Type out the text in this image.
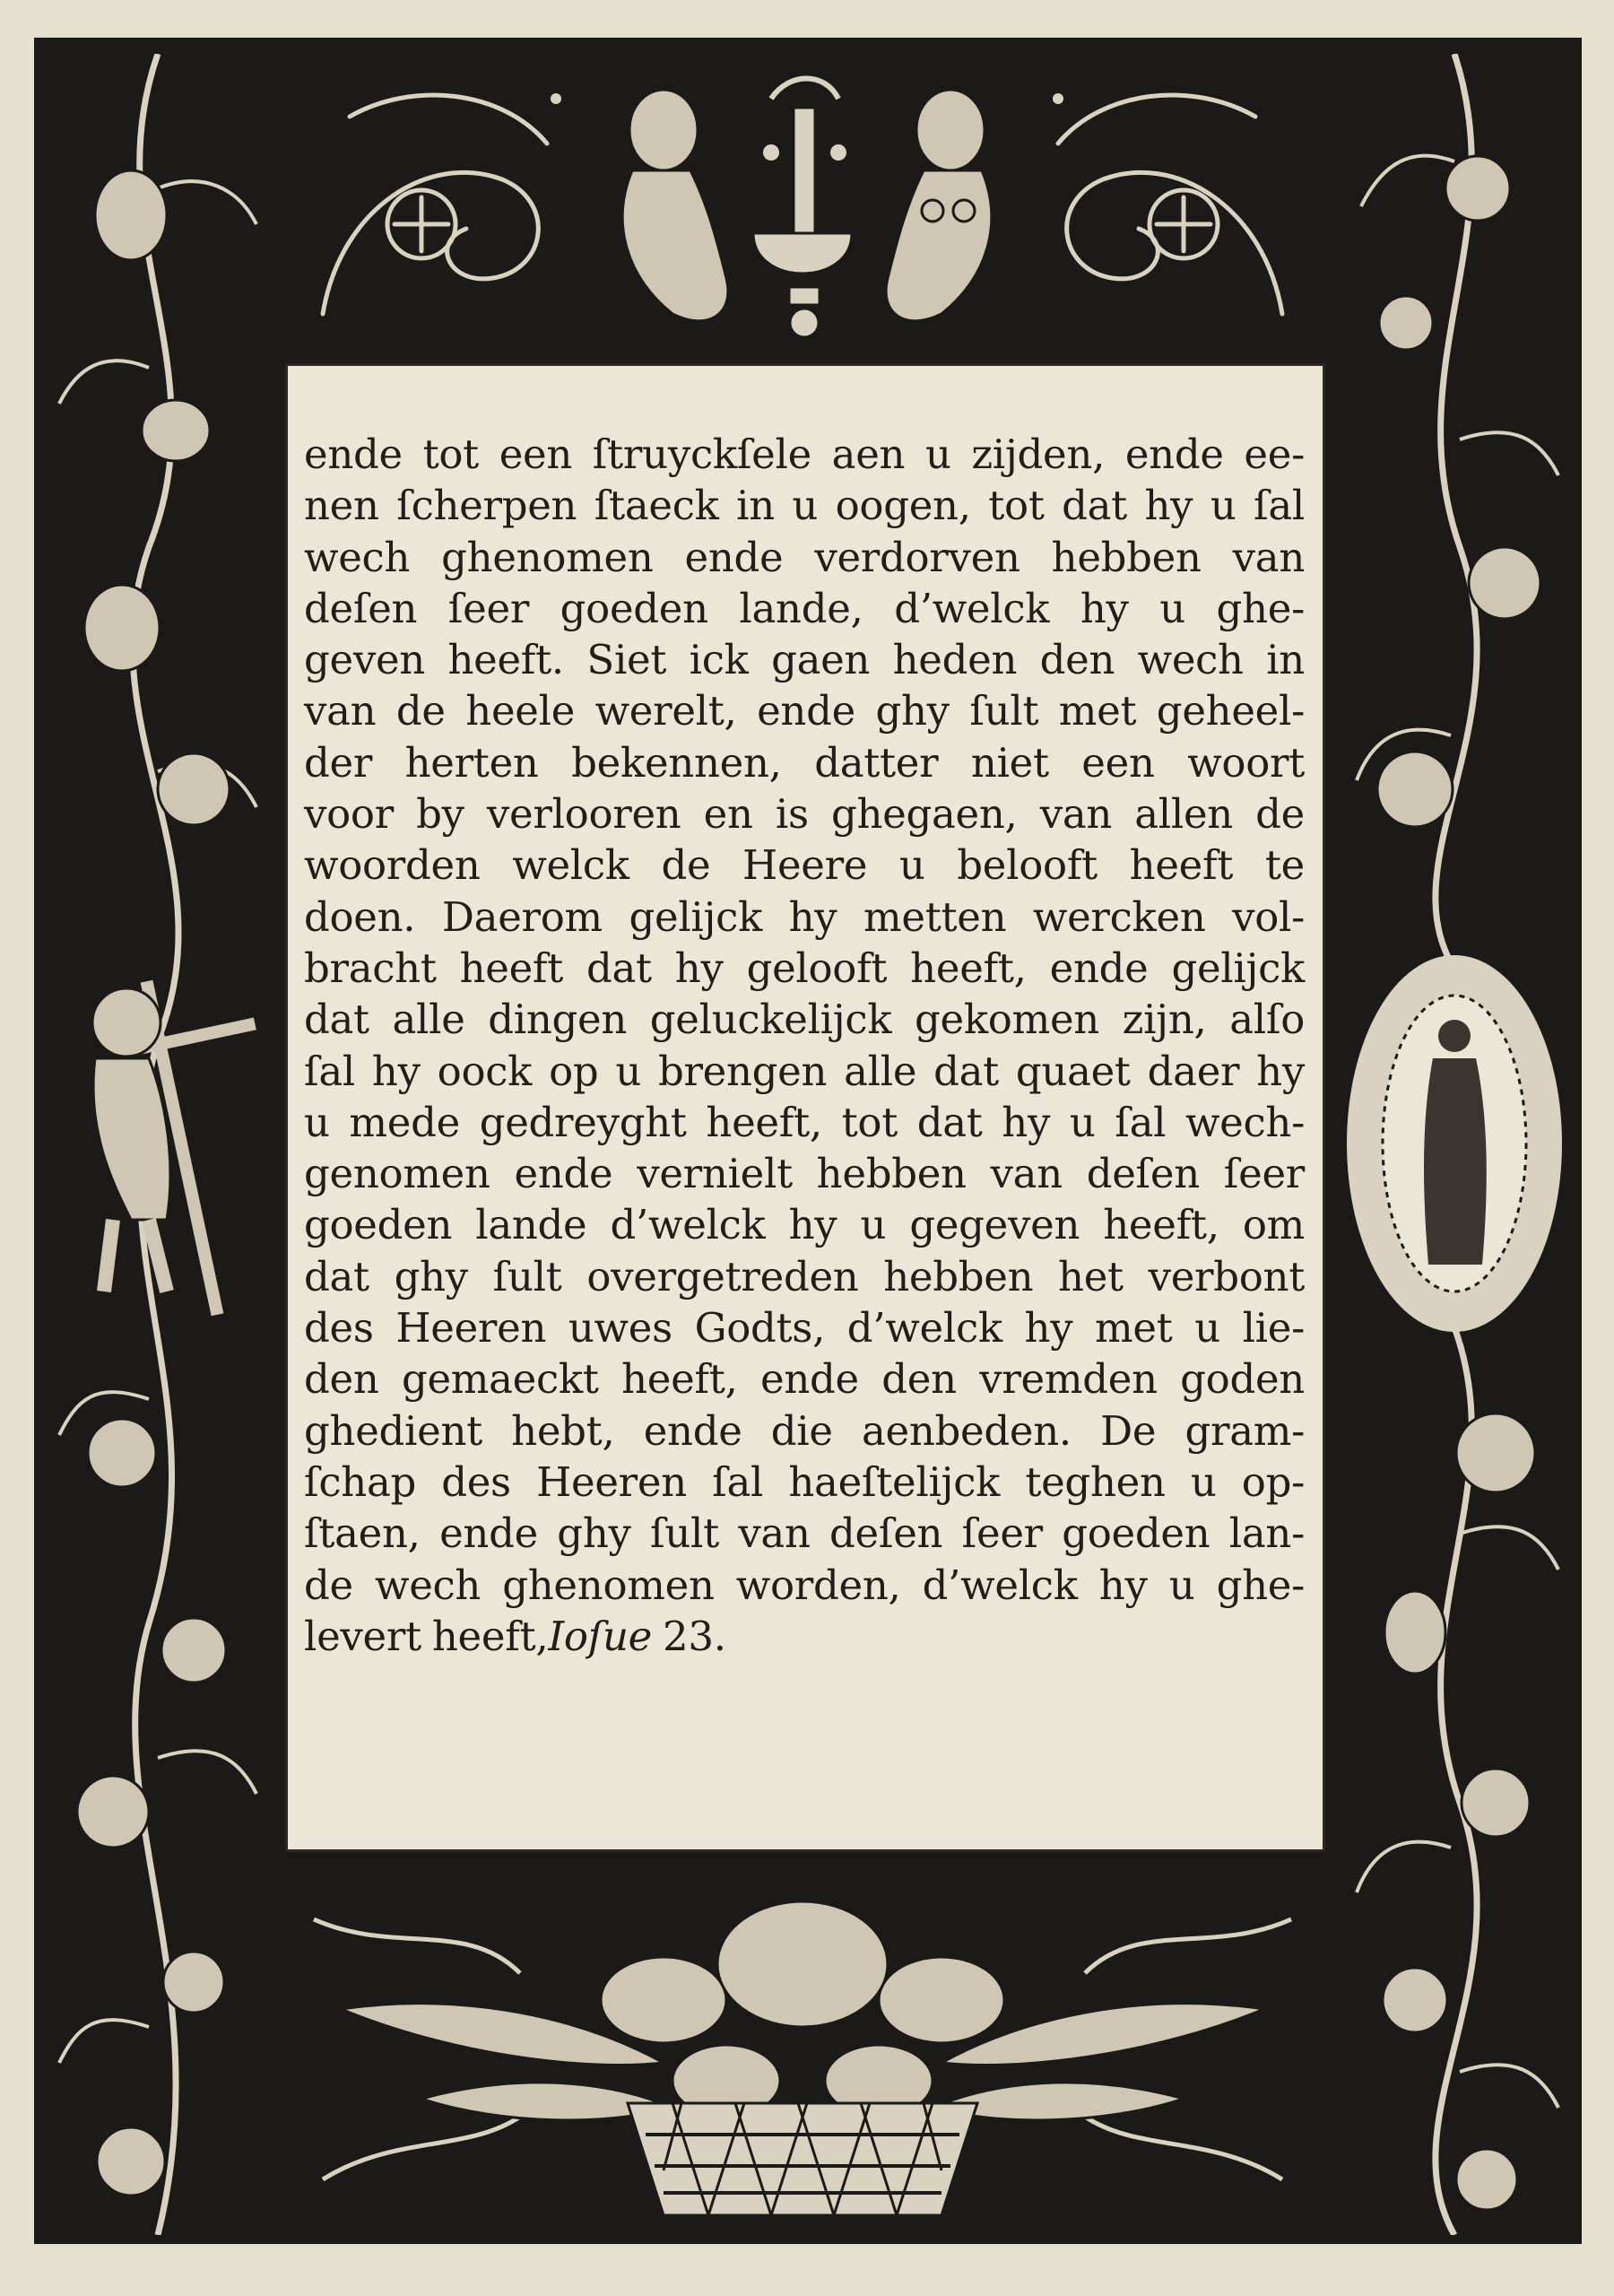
ende tot een ſtruyckſele aen u zijden, ende ee-
nen ſcherpen ſtaeck in u oogen, tot dat hy u ſal
wech ghenomen ende verdorven hebben van
deſen ſeer goeden lande, d’welck hy u ghe-
geven heeft. Siet ick gaen heden den wech in
van de heele werelt, ende ghy ſult met geheel-
der herten bekennen, datter niet een woort
voor by verlooren en is ghegaen, van allen de
woorden welck de Heere u belooft heeft te
doen. Daerom gelijck hy metten wercken vol-
bracht heeft dat hy gelooft heeft, ende gelijck
dat alle dingen geluckelijck gekomen zijn, alſo
ſal hy oock op u brengen alle dat quaet daer hy
u mede gedreyght heeft, tot dat hy u ſal wech-
genomen ende vernielt hebben van deſen ſeer
goeden lande d’welck hy u gegeven heeft, om
dat ghy ſult overgetreden hebben het verbont
des Heeren uwes Godts, d’welck hy met u lie-
den gemaeckt heeft, ende den vremden goden
ghedient hebt, ende die aenbeden. De gram-
ſchap des Heeren ſal haeſtelijck teghen u op-
ſtaen, ende ghy ſult van deſen ſeer goeden lan-
de wech ghenomen worden, d’welck hy u ghe-
levert heeft,Ioſue 23.
